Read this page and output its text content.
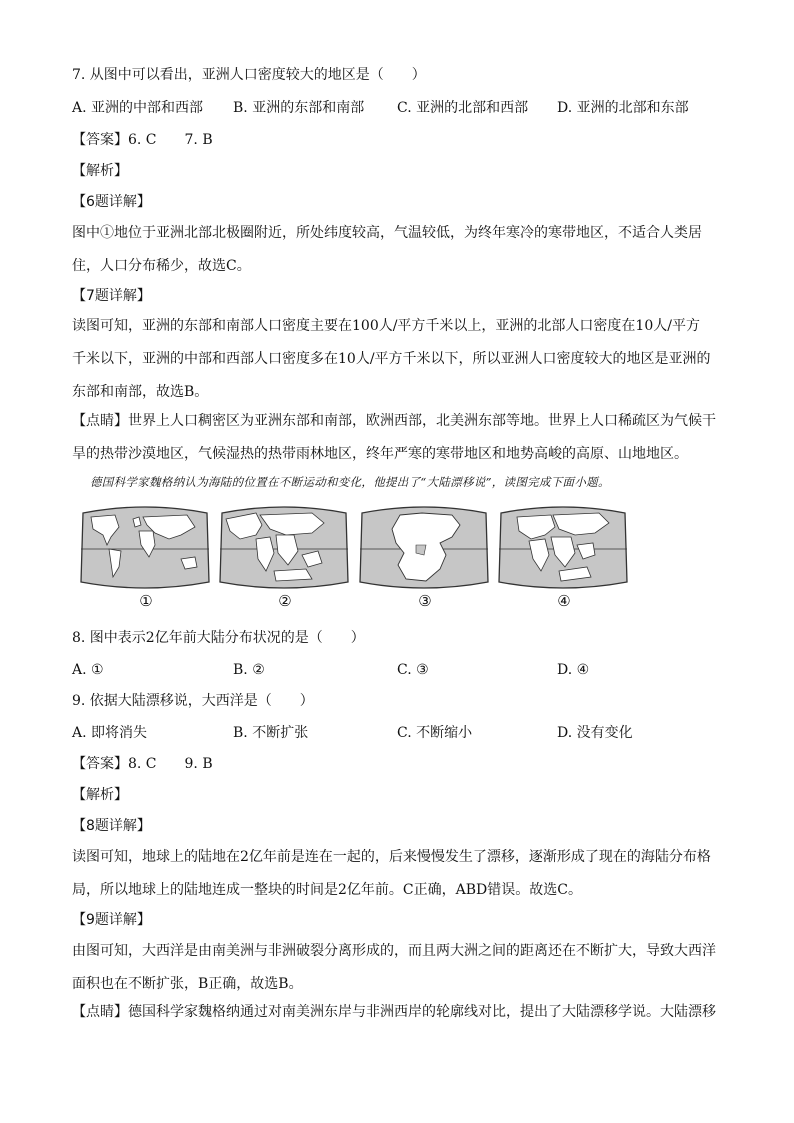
7. 从图中可以看出，亚洲人口密度较大的地区是（　　）
A. 亚洲的中部和西部 B. 亚洲的东部和南部 C. 亚洲的北部和西部 D. 亚洲的北部和东部
【答案】6. C　　7. B
【解析】
【6题详解】
图中①地位于亚洲北部北极圈附近，所处纬度较高，气温较低，为终年寒冷的寒带地区，不适合人类居
住，人口分布稀少，故选C。
【7题详解】
读图可知，亚洲的东部和南部人口密度主要在100人/平方千米以上，亚洲的北部人口密度在10人/平方
千米以下，亚洲的中部和西部人口密度多在10人/平方千米以下，所以亚洲人口密度较大的地区是亚洲的
东部和南部，故选B。
【点睛】世界上人口稠密区为亚洲东部和南部，欧洲西部，北美洲东部等地。世界上人口稀疏区为气候干
旱的热带沙漠地区，气候湿热的热带雨林地区，终年严寒的寒带地区和地势高峻的高原、山地地区。
德国科学家魏格纳认为海陆的位置在不断运动和变化，他提出了“大陆漂移说”，读图完成下面小题。
①	②	③	④
8. 图中表示2亿年前大陆分布状况的是（　　）
A. ①	B. ②	C. ③	D. ④
9. 依据大陆漂移说，大西洋是（　　）
A. 即将消失	B. 不断扩张	C. 不断缩小	D. 没有变化
【答案】8. C　　9. B
【解析】
【8题详解】
读图可知，地球上的陆地在2亿年前是连在一起的，后来慢慢发生了漂移，逐渐形成了现在的海陆分布格
局，所以地球上的陆地连成一整块的时间是2亿年前。C正确，ABD错误。故选C。
【9题详解】
由图可知，大西洋是由南美洲与非洲破裂分离形成的，而且两大洲之间的距离还在不断扩大，导致大西洋
面积也在不断扩张，B正确，故选B。
【点睛】德国科学家魏格纳通过对南美洲东岸与非洲西岸的轮廓线对比，提出了大陆漂移学说。大陆漂移
